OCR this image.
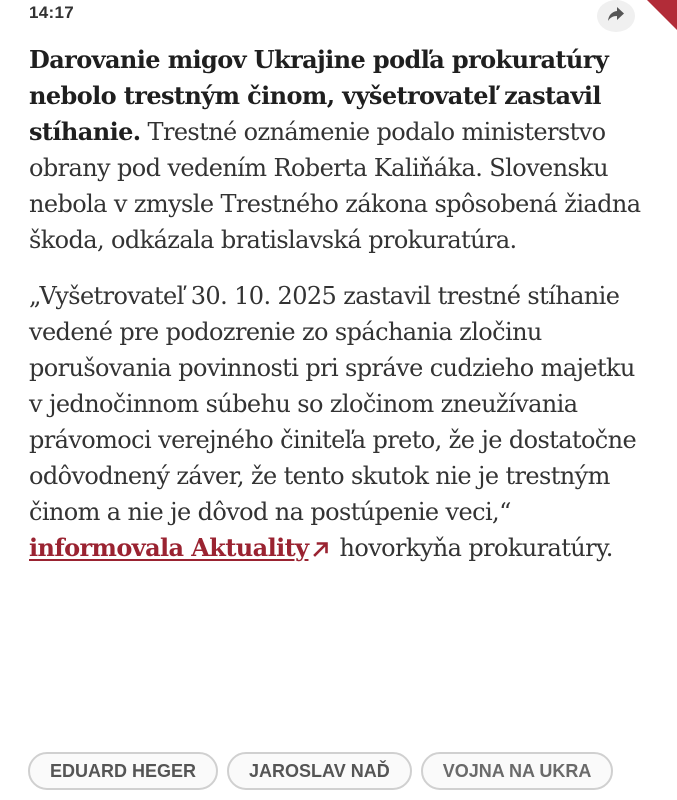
14:17

Darovanie migov Ukrajine podľa prokuratúry nebolo trestným činom, vyšetrovateľ zastavil stíhanie. Trestné oznámenie podalo ministerstvo obrany pod vedením Roberta Kaliňáka. Slovensku nebola v zmysle Trestného zákona spôsobená žiadna škoda, odkázala bratislavská prokuratúra.

„Vyšetrovateľ 30. 10. 2025 zastavil trestné stíhanie vedené pre podozrenie zo spáchania zločinu porušovania povinnosti pri správe cudzieho majetku v jednočinnom súbehu so zločinom zneužívania právomoci verejného činiteľa preto, že je dostatočne odôvodnený záver, že tento skutok nie je trestným činom a nie je dôvod na postúpenie veci,“ informovala Aktuality hovorkyňa prokuratúry.

EDUARD HEGER	JAROSLAV NAĎ	VOJNA NA UKRA
